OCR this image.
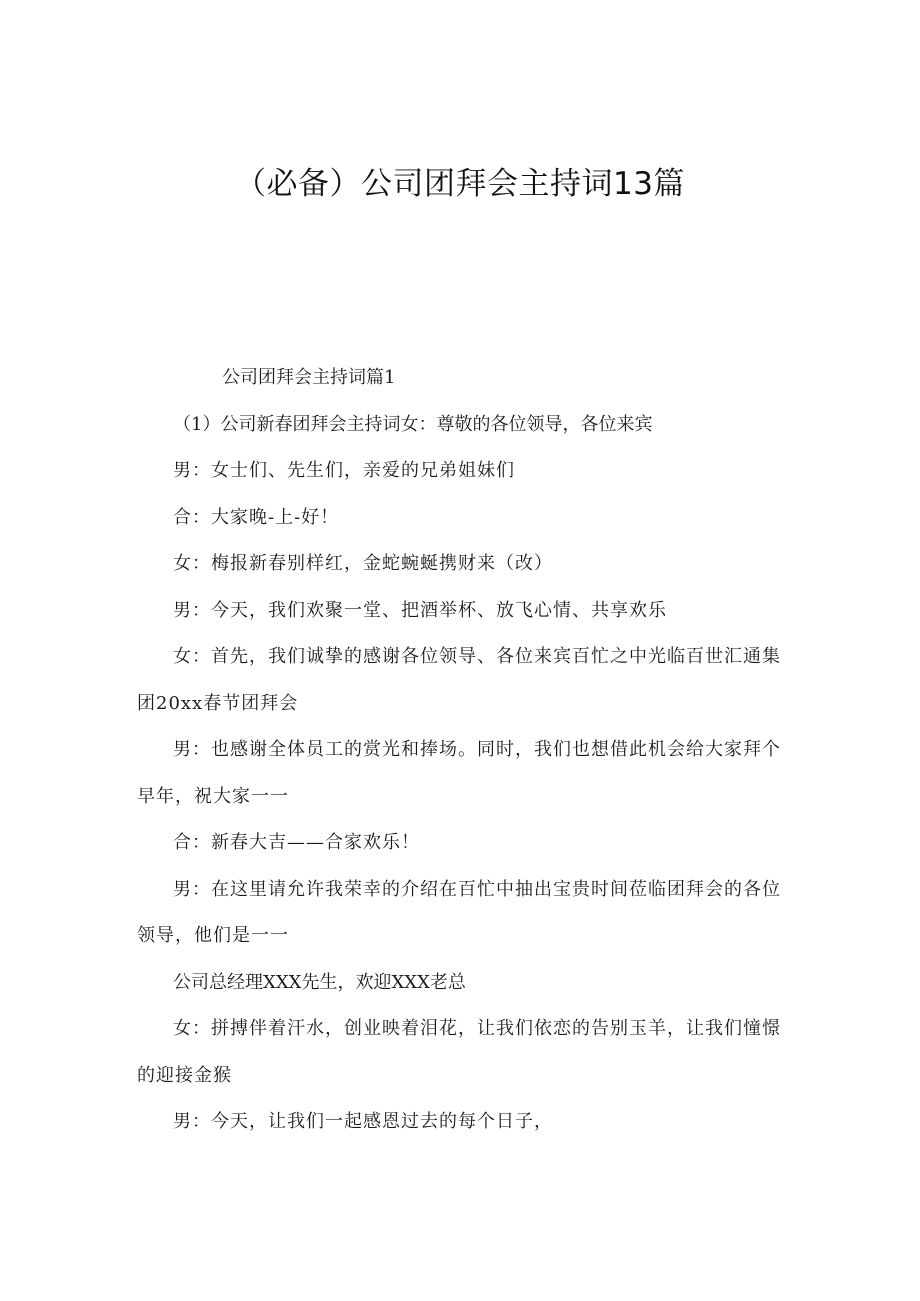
（必备）公司团拜会主持词13篇

公司团拜会主持词篇1

（1）公司新春团拜会主持词女：尊敬的各位领导，各位来宾

男：女士们、先生们，亲爱的兄弟姐妹们

合：大家晚-上-好！

女：梅报新春别样红，金蛇蜿蜒携财来（改）

男：今天，我们欢聚一堂、把酒举杯、放飞心情、共享欢乐

女：首先，我们诚挚的感谢各位领导、各位来宾百忙之中光临百世汇通集团20xx春节团拜会

男：也感谢全体员工的赏光和捧场。同时，我们也想借此机会给大家拜个早年，祝大家一一

合：新春大吉——合家欢乐！

男：在这里请允许我荣幸的介绍在百忙中抽出宝贵时间莅临团拜会的各位领导，他们是一一

公司总经理XXX先生，欢迎XXX老总

女：拼搏伴着汗水，创业映着泪花，让我们依恋的告别玉羊，让我们憧憬的迎接金猴

男：今天，让我们一起感恩过去的每个日子，
